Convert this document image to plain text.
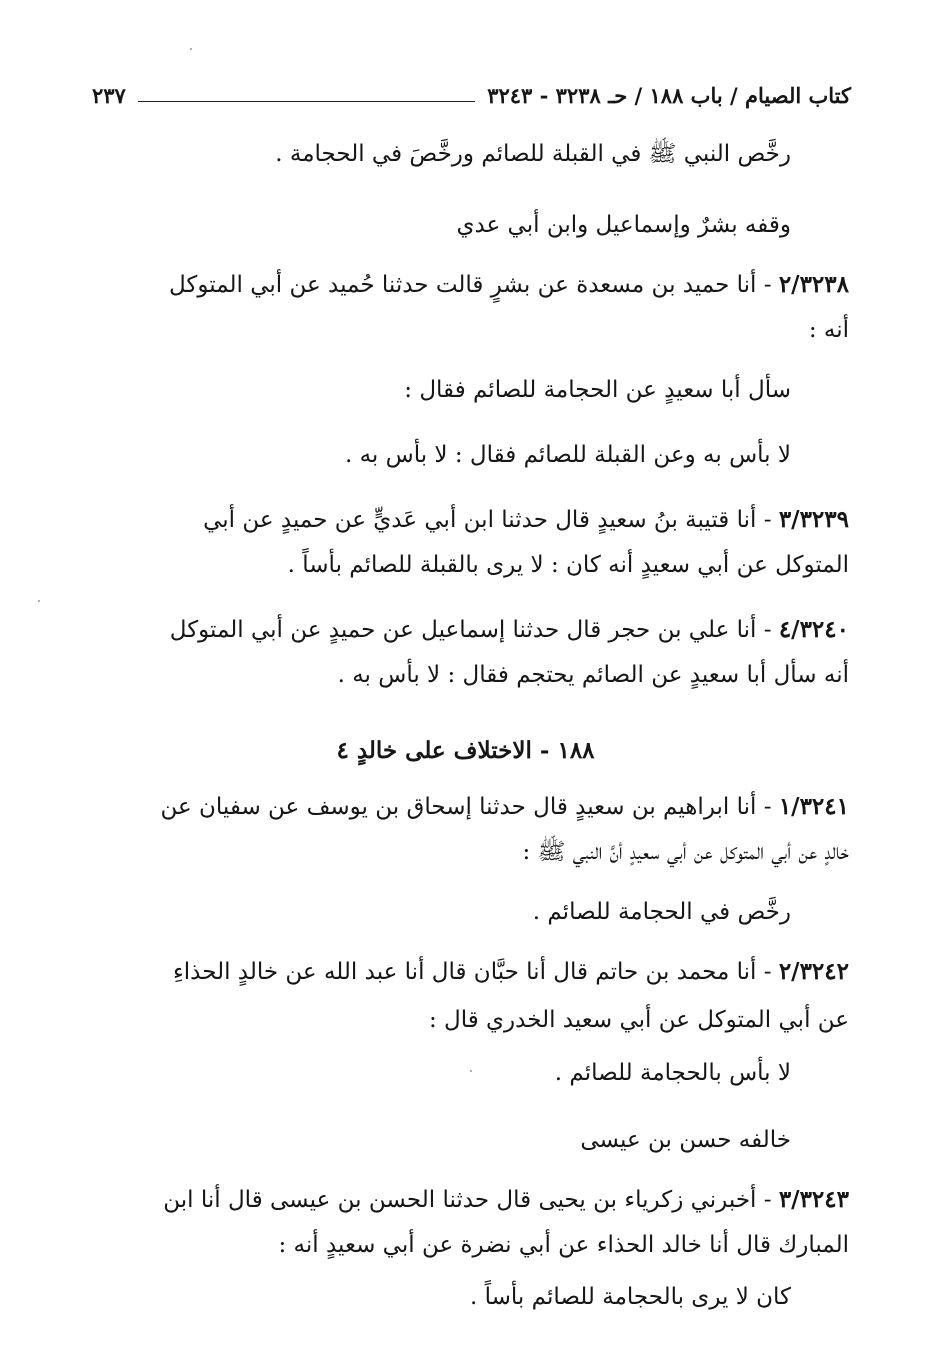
كتاب الصيام / باب ١٨٨ / حـ ٣٢٣٨ - ٣٢٤٣
٢٣٧
رخَّص النبي ﷺ في القبلة للصائم ورخَّصَ في الحجامة .
وقفه بشرٌ وإسماعيل وابن أبي عدي
٢/٣٢٣٨ - أنا حميد بن مسعدة عن بشرٍ قالت حدثنا حُميد عن أبي المتوكل
أنه :
سأل أبا سعيدٍ عن الحجامة للصائم فقال :
لا بأس به وعن القبلة للصائم فقال : لا بأس به .
٣/٣٢٣٩ - أنا قتيبة بنُ سعيدٍ قال حدثنا ابن أبي عَديٍّ عن حميدٍ عن أبي
المتوكل عن أبي سعيدٍ أنه كان : لا يرى بالقبلة للصائم بأساً .
٤/٣٢٤٠ - أنا علي بن حجر قال حدثنا إسماعيل عن حميدٍ عن أبي المتوكل
أنه سأل أبا سعيدٍ عن الصائم يحتجم فقال : لا بأس به .
١٨٨ - الاختلاف على خالدٍ ٤
١/٣٢٤١ - أنا ابراهيم بن سعيدٍ قال حدثنا إسحاق بن يوسف عن سفيان عن
خالدٍ عن أبي المتوكل عن أبي سعيدٍ أنَّ النبي ﷺ :
رخَّص في الحجامة للصائم .
٢/٣٢٤٢ - أنا محمد بن حاتم قال أنا حبَّان قال أنا عبد الله عن خالدٍ الحذاءِ
عن أبي المتوكل عن أبي سعيد الخدري قال :
لا بأس بالحجامة للصائم .
خالفه حسن بن عيسى
٣/٣٢٤٣ - أخبرني زكرياء بن يحيى قال حدثنا الحسن بن عيسى قال أنا ابن
المبارك قال أنا خالد الحذاء عن أبي نضرة عن أبي سعيدٍ أنه :
كان لا يرى بالحجامة للصائم بأساً .
